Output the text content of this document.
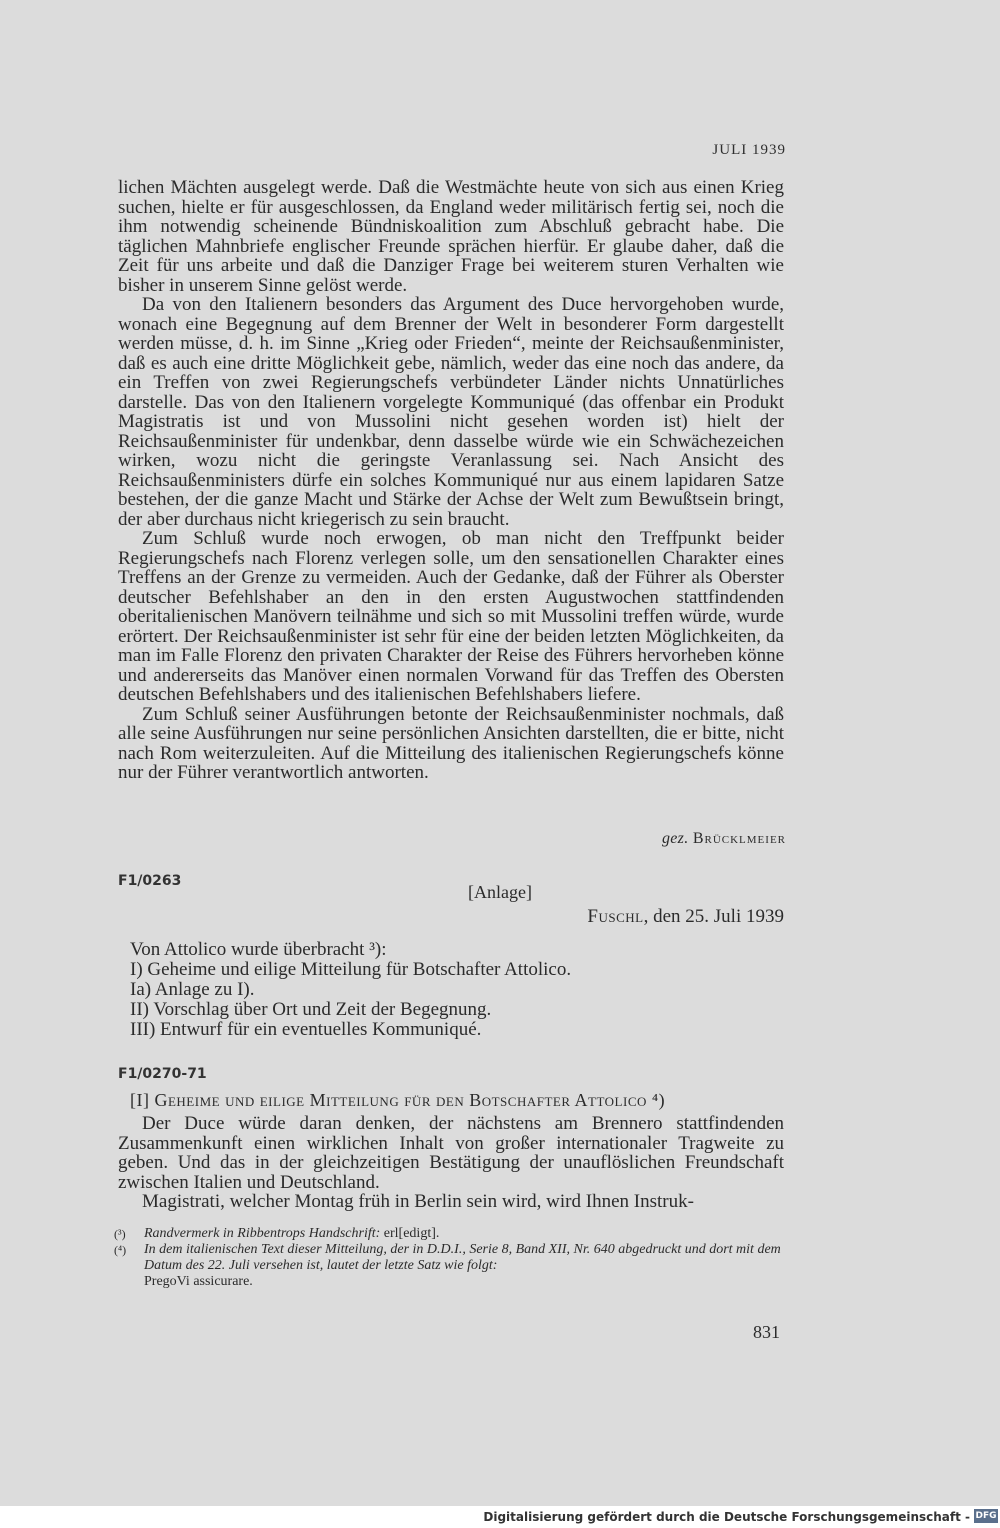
JULI 1939

lichen Mächten ausgelegt werde. Daß die Westmächte heute von sich aus einen Krieg suchen, hielte er für ausgeschlossen, da England weder militärisch fertig sei, noch die ihm notwendig scheinende Bündniskoalition zum Abschluß gebracht habe. Die täglichen Mahnbriefe englischer Freunde sprächen hierfür. Er glaube daher, daß die Zeit für uns arbeite und daß die Danziger Frage bei weiterem sturen Verhalten wie bisher in unserem Sinne gelöst werde.

Da von den Italienern besonders das Argument des Duce hervorgehoben wurde, wonach eine Begegnung auf dem Brenner der Welt in besonderer Form dargestellt werden müsse, d. h. im Sinne „Krieg oder Frieden“, meinte der Reichsaußenminister, daß es auch eine dritte Möglichkeit gebe, nämlich, weder das eine noch das andere, da ein Treffen von zwei Regierungschefs verbündeter Länder nichts Unnatürliches darstelle. Das von den Italienern vorgelegte Kommuniqué (das offenbar ein Produkt Magistratis ist und von Mussolini nicht gesehen worden ist) hielt der Reichsaußenminister für undenkbar, denn dasselbe würde wie ein Schwächezeichen wirken, wozu nicht die geringste Veranlassung sei. Nach Ansicht des Reichsaußenministers dürfe ein solches Kommuniqué nur aus einem lapidaren Satze bestehen, der die ganze Macht und Stärke der Achse der Welt zum Bewußtsein bringt, der aber durchaus nicht kriegerisch zu sein braucht.

Zum Schluß wurde noch erwogen, ob man nicht den Treffpunkt beider Regierungschefs nach Florenz verlegen solle, um den sensationellen Charakter eines Treffens an der Grenze zu vermeiden. Auch der Gedanke, daß der Führer als Oberster deutscher Befehlshaber an den in den ersten Augustwochen stattfindenden oberitalienischen Manövern teilnähme und sich so mit Mussolini treffen würde, wurde erörtert. Der Reichsaußenminister ist sehr für eine der beiden letzten Möglichkeiten, da man im Falle Florenz den privaten Charakter der Reise des Führers hervorheben könne und andererseits das Manöver einen normalen Vorwand für das Treffen des Obersten deutschen Befehlshabers und des italienischen Befehlshabers liefere.

Zum Schluß seiner Ausführungen betonte der Reichsaußenminister nochmals, daß alle seine Ausführungen nur seine persönlichen Ansichten darstellten, die er bitte, nicht nach Rom weiterzuleiten. Auf die Mitteilung des italienischen Regierungschefs könne nur der Führer verantwortlich antworten.

gez. Brücklmeier
F1/0263
[Anlage]
Fuschl, den 25. Juli 1939
Von Attolico wurde überbracht ³):
I) Geheime und eilige Mitteilung für Botschafter Attolico.
Ia) Anlage zu I).
II) Vorschlag über Ort und Zeit der Begegnung.
III) Entwurf für ein eventuelles Kommuniqué.
F1/0270-71
[I] Geheime und eilige Mitteilung für den Botschafter Attolico ⁴)

Der Duce würde daran denken, der nächstens am Brennero stattfindenden Zusammenkunft einen wirklichen Inhalt von großer internationaler Tragweite zu geben. Und das in der gleichzeitigen Bestätigung der unauflöslichen Freundschaft zwischen Italien und Deutschland.

Magistrati, welcher Montag früh in Berlin sein wird, wird Ihnen Instruk-

(³)	Randvermerk in Ribbentrops Handschrift: erl[edigt].
(⁴)	In dem italienischen Text dieser Mitteilung, der in D.D.I., Serie 8, Band XII, Nr. 640 abgedruckt und dort mit dem Datum des 22. Juli versehen ist, lautet der letzte Satz wie folgt:
PregoVi assicurare.
831
Digitalisierung gefördert durch die Deutsche Forschungsgemeinschaft - DFG
